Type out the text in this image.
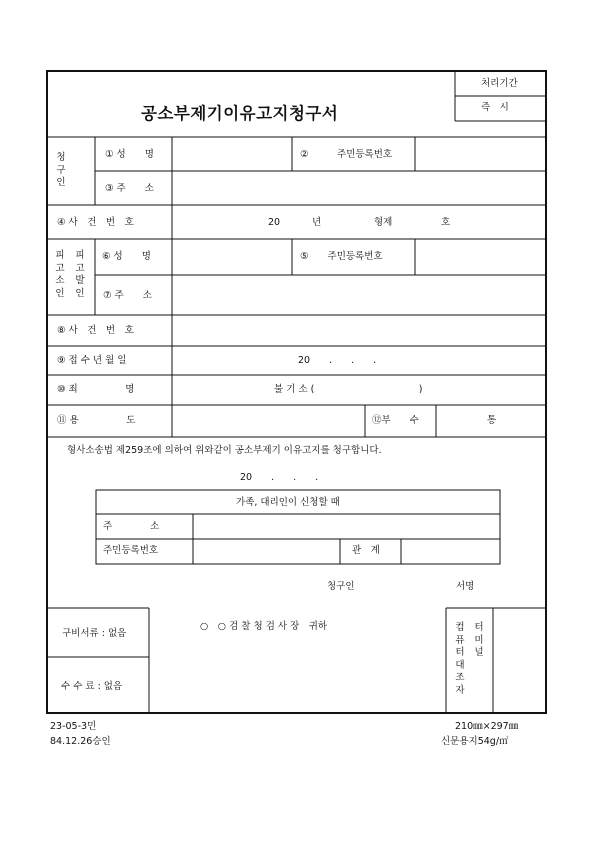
공소부제기이유고지청구서
처리기간
즉　시
청구인
① 성　　명	②　　　주민등록번호
③ 주　　소
④ 사　건　번　호	20	년	형제	호
피고소인
피고발인
⑥ 성　　명	⑤　　주민등록번호
⑦ 주　　소
⑧ 사　건　번　호
⑨ 접 수 년 월 일	20　　.　　.　　.
⑩ 죄　　　　　명	불 기 소 (　　　　　　　　　　　)
⑪ 용　　　　　도	⑫부　　수	통
형사소송법 제259조에 의하여 위와같이 공소부제기 이유고지를 청구합니다.
20　　.　　.　　.
가족, 대리인이 신청할 때
주　　　　소
주민등록번호	관　계
청구인	서명
○　○ 검 찰 청 검 사 장　귀하
구비서류 : 없음
수 수 료 : 없음
컴퓨터대조자
터미널
23-05-3민
84.12.26승인
210㎜×297㎜
신문용지54g/㎡
